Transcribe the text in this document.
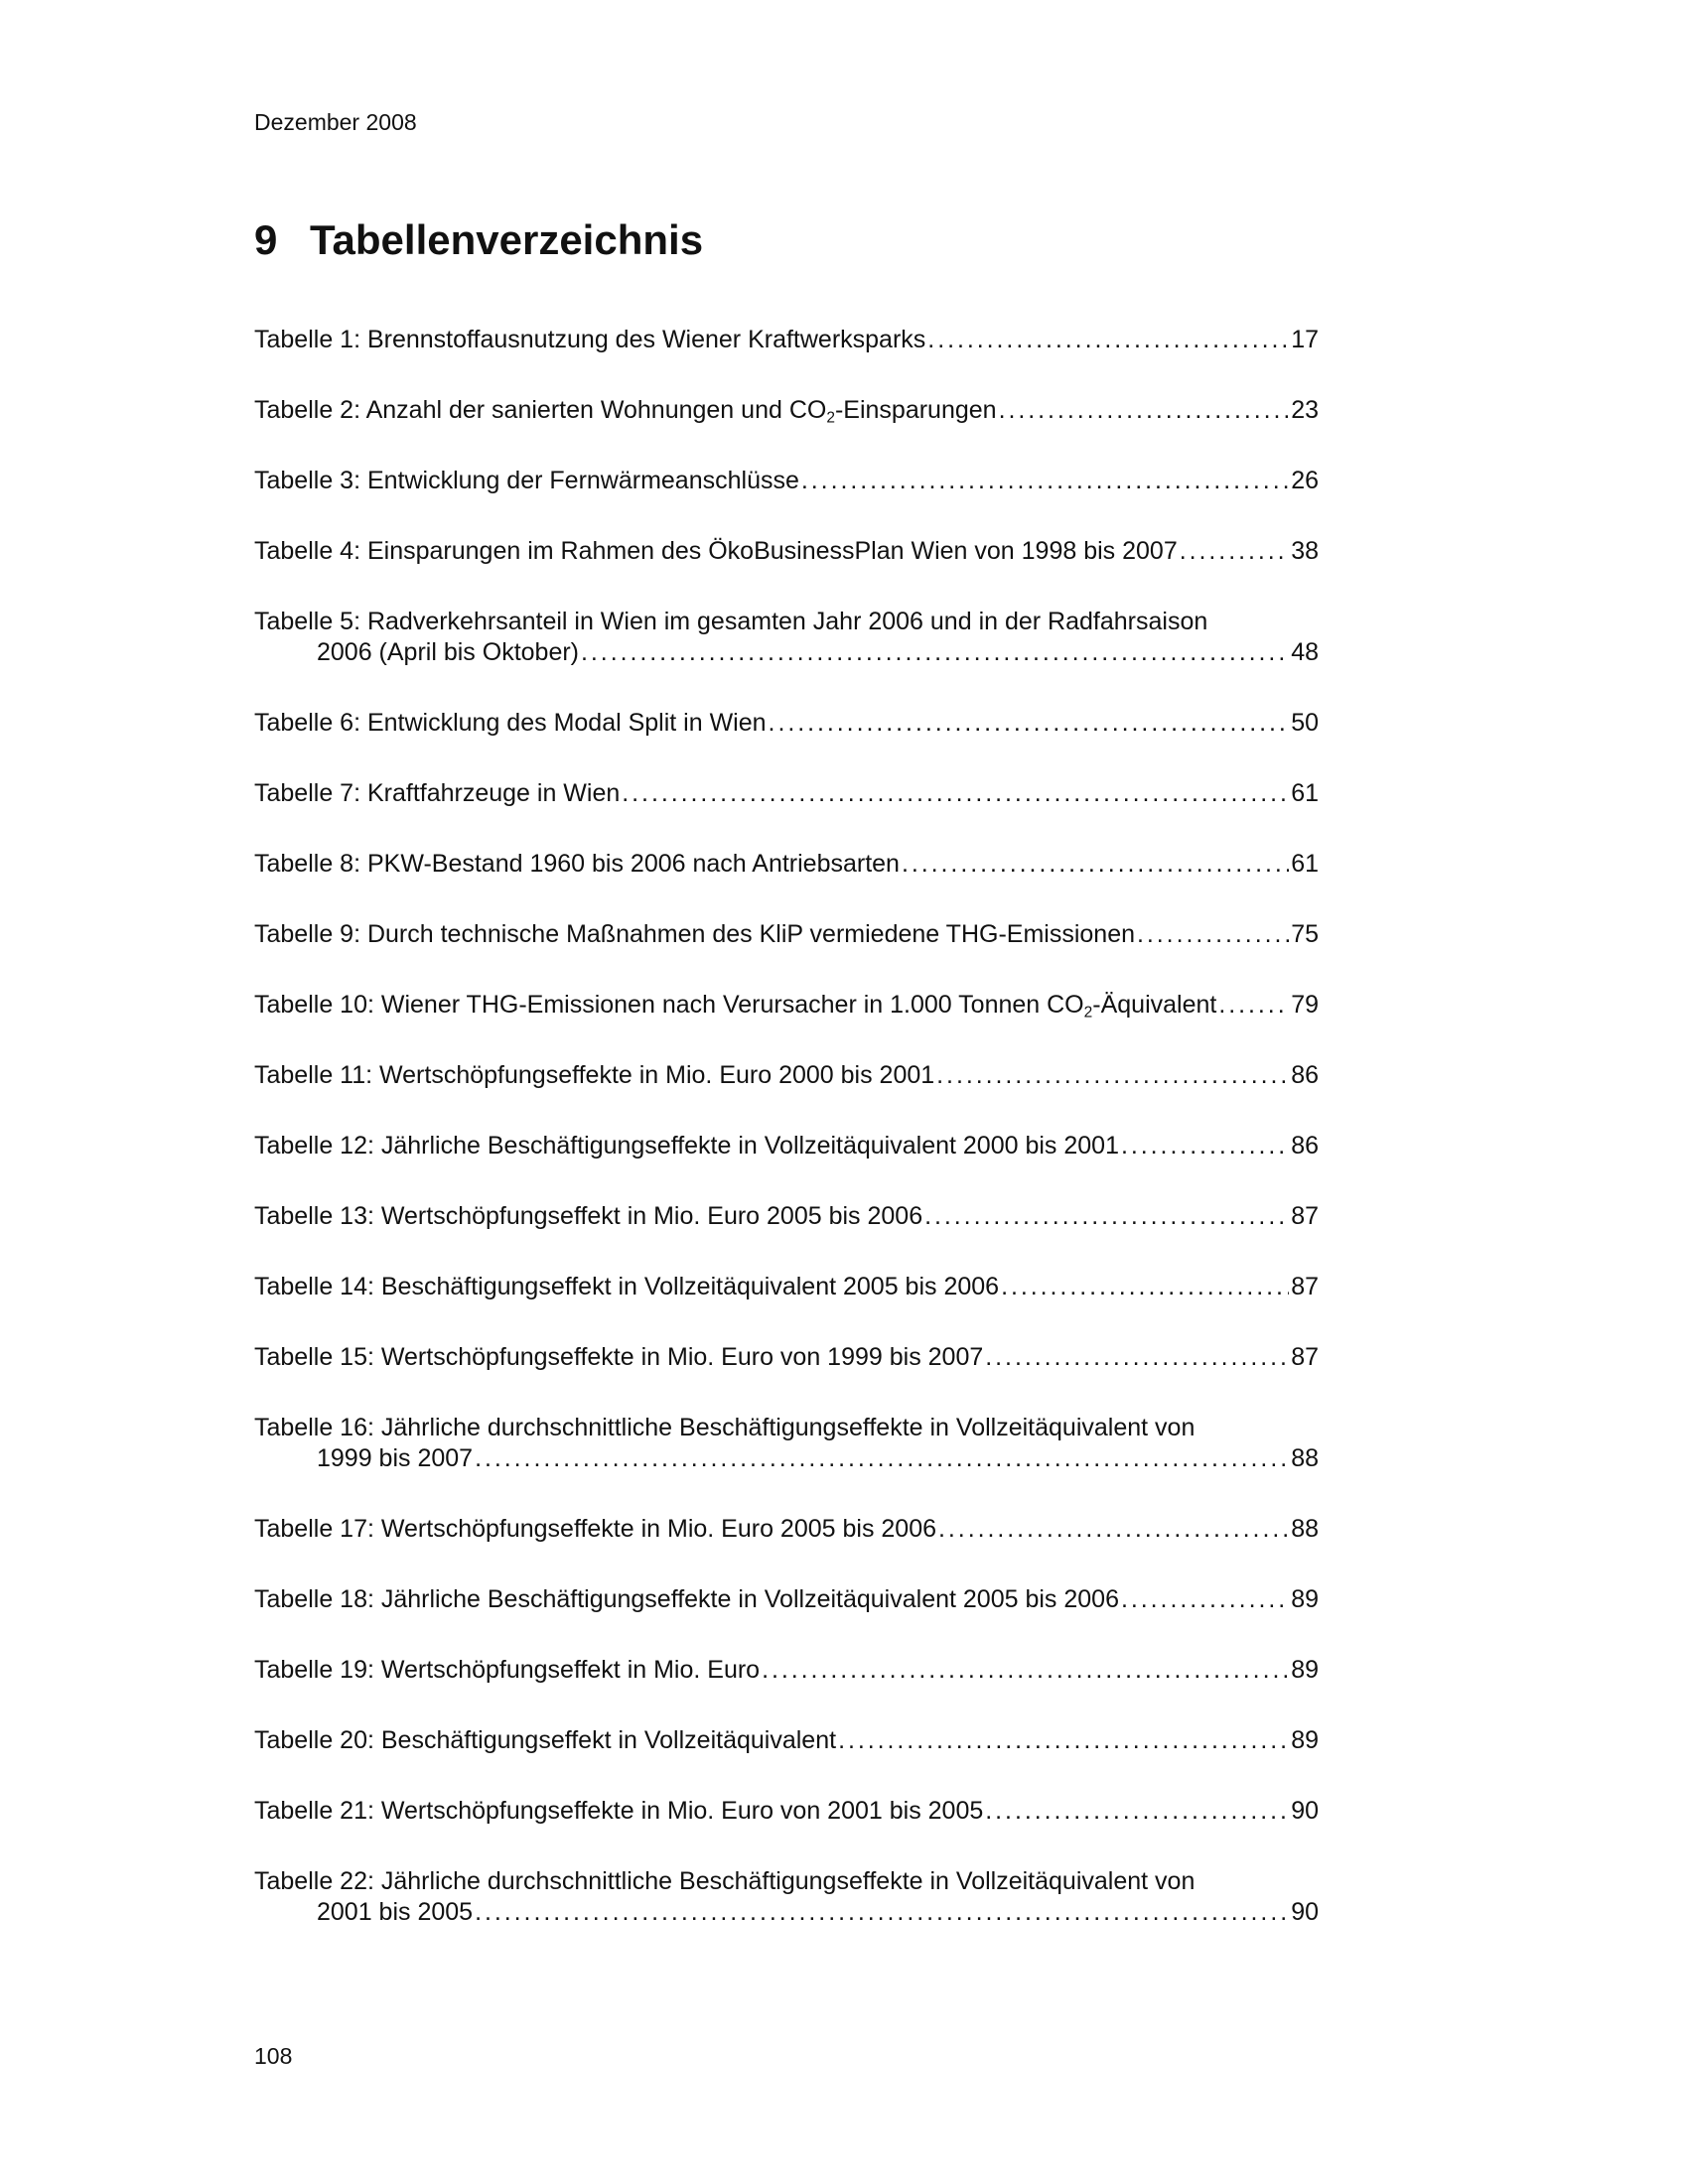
Dezember 2008
9 Tabellenverzeichnis
Tabelle 1: Brennstoffausnutzung des Wiener Kraftwerksparks . . .	17
Tabelle 2: Anzahl der sanierten Wohnungen und $CO_2$-Einsparungen . . .	23
Tabelle 3: Entwicklung der Fernwärmeanschlüsse . . .	26
Tabelle 4: Einsparungen im Rahmen des ÖkoBusinessPlan Wien von 1998 bis 2007 . . .	38
Tabelle 5: Radverkehrsanteil in Wien im gesamten Jahr 2006 und in der Radfahrsaison
2006 (April bis Oktober) . . .	48
Tabelle 6: Entwicklung des Modal Split in Wien . . .	50
Tabelle 7: Kraftfahrzeuge in Wien . . .	61
Tabelle 8: PKW-Bestand 1960 bis 2006 nach Antriebsarten . . .	61
Tabelle 9: Durch technische Maßnahmen des KliP vermiedene THG-Emissionen . . .	75
Tabelle 10: Wiener THG-Emissionen nach Verursacher in 1.000 Tonnen $CO_2$-Äquivalent . . .	79
Tabelle 11: Wertschöpfungseffekte in Mio. Euro 2000 bis 2001 . . .	86
Tabelle 12: Jährliche Beschäftigungseffekte in Vollzeitäquivalent 2000 bis 2001 . . .	86
Tabelle 13: Wertschöpfungseffekt in Mio. Euro 2005 bis 2006 . . .	87
Tabelle 14: Beschäftigungseffekt in Vollzeitäquivalent 2005 bis 2006 . . .	87
Tabelle 15: Wertschöpfungseffekte in Mio. Euro von 1999 bis 2007 . . .	87
Tabelle 16: Jährliche durchschnittliche Beschäftigungseffekte in Vollzeitäquivalent von
1999 bis 2007 . . .	88
Tabelle 17: Wertschöpfungseffekte in Mio. Euro 2005 bis 2006 . . .	88
Tabelle 18: Jährliche Beschäftigungseffekte in Vollzeitäquivalent 2005 bis 2006 . . .	89
Tabelle 19: Wertschöpfungseffekt in Mio. Euro . . .	89
Tabelle 20: Beschäftigungseffekt in Vollzeitäquivalent . . .	89
Tabelle 21: Wertschöpfungseffekte in Mio. Euro von 2001 bis 2005 . . .	90
Tabelle 22: Jährliche durchschnittliche Beschäftigungseffekte in Vollzeitäquivalent von
2001 bis 2005 . . .	90
108
